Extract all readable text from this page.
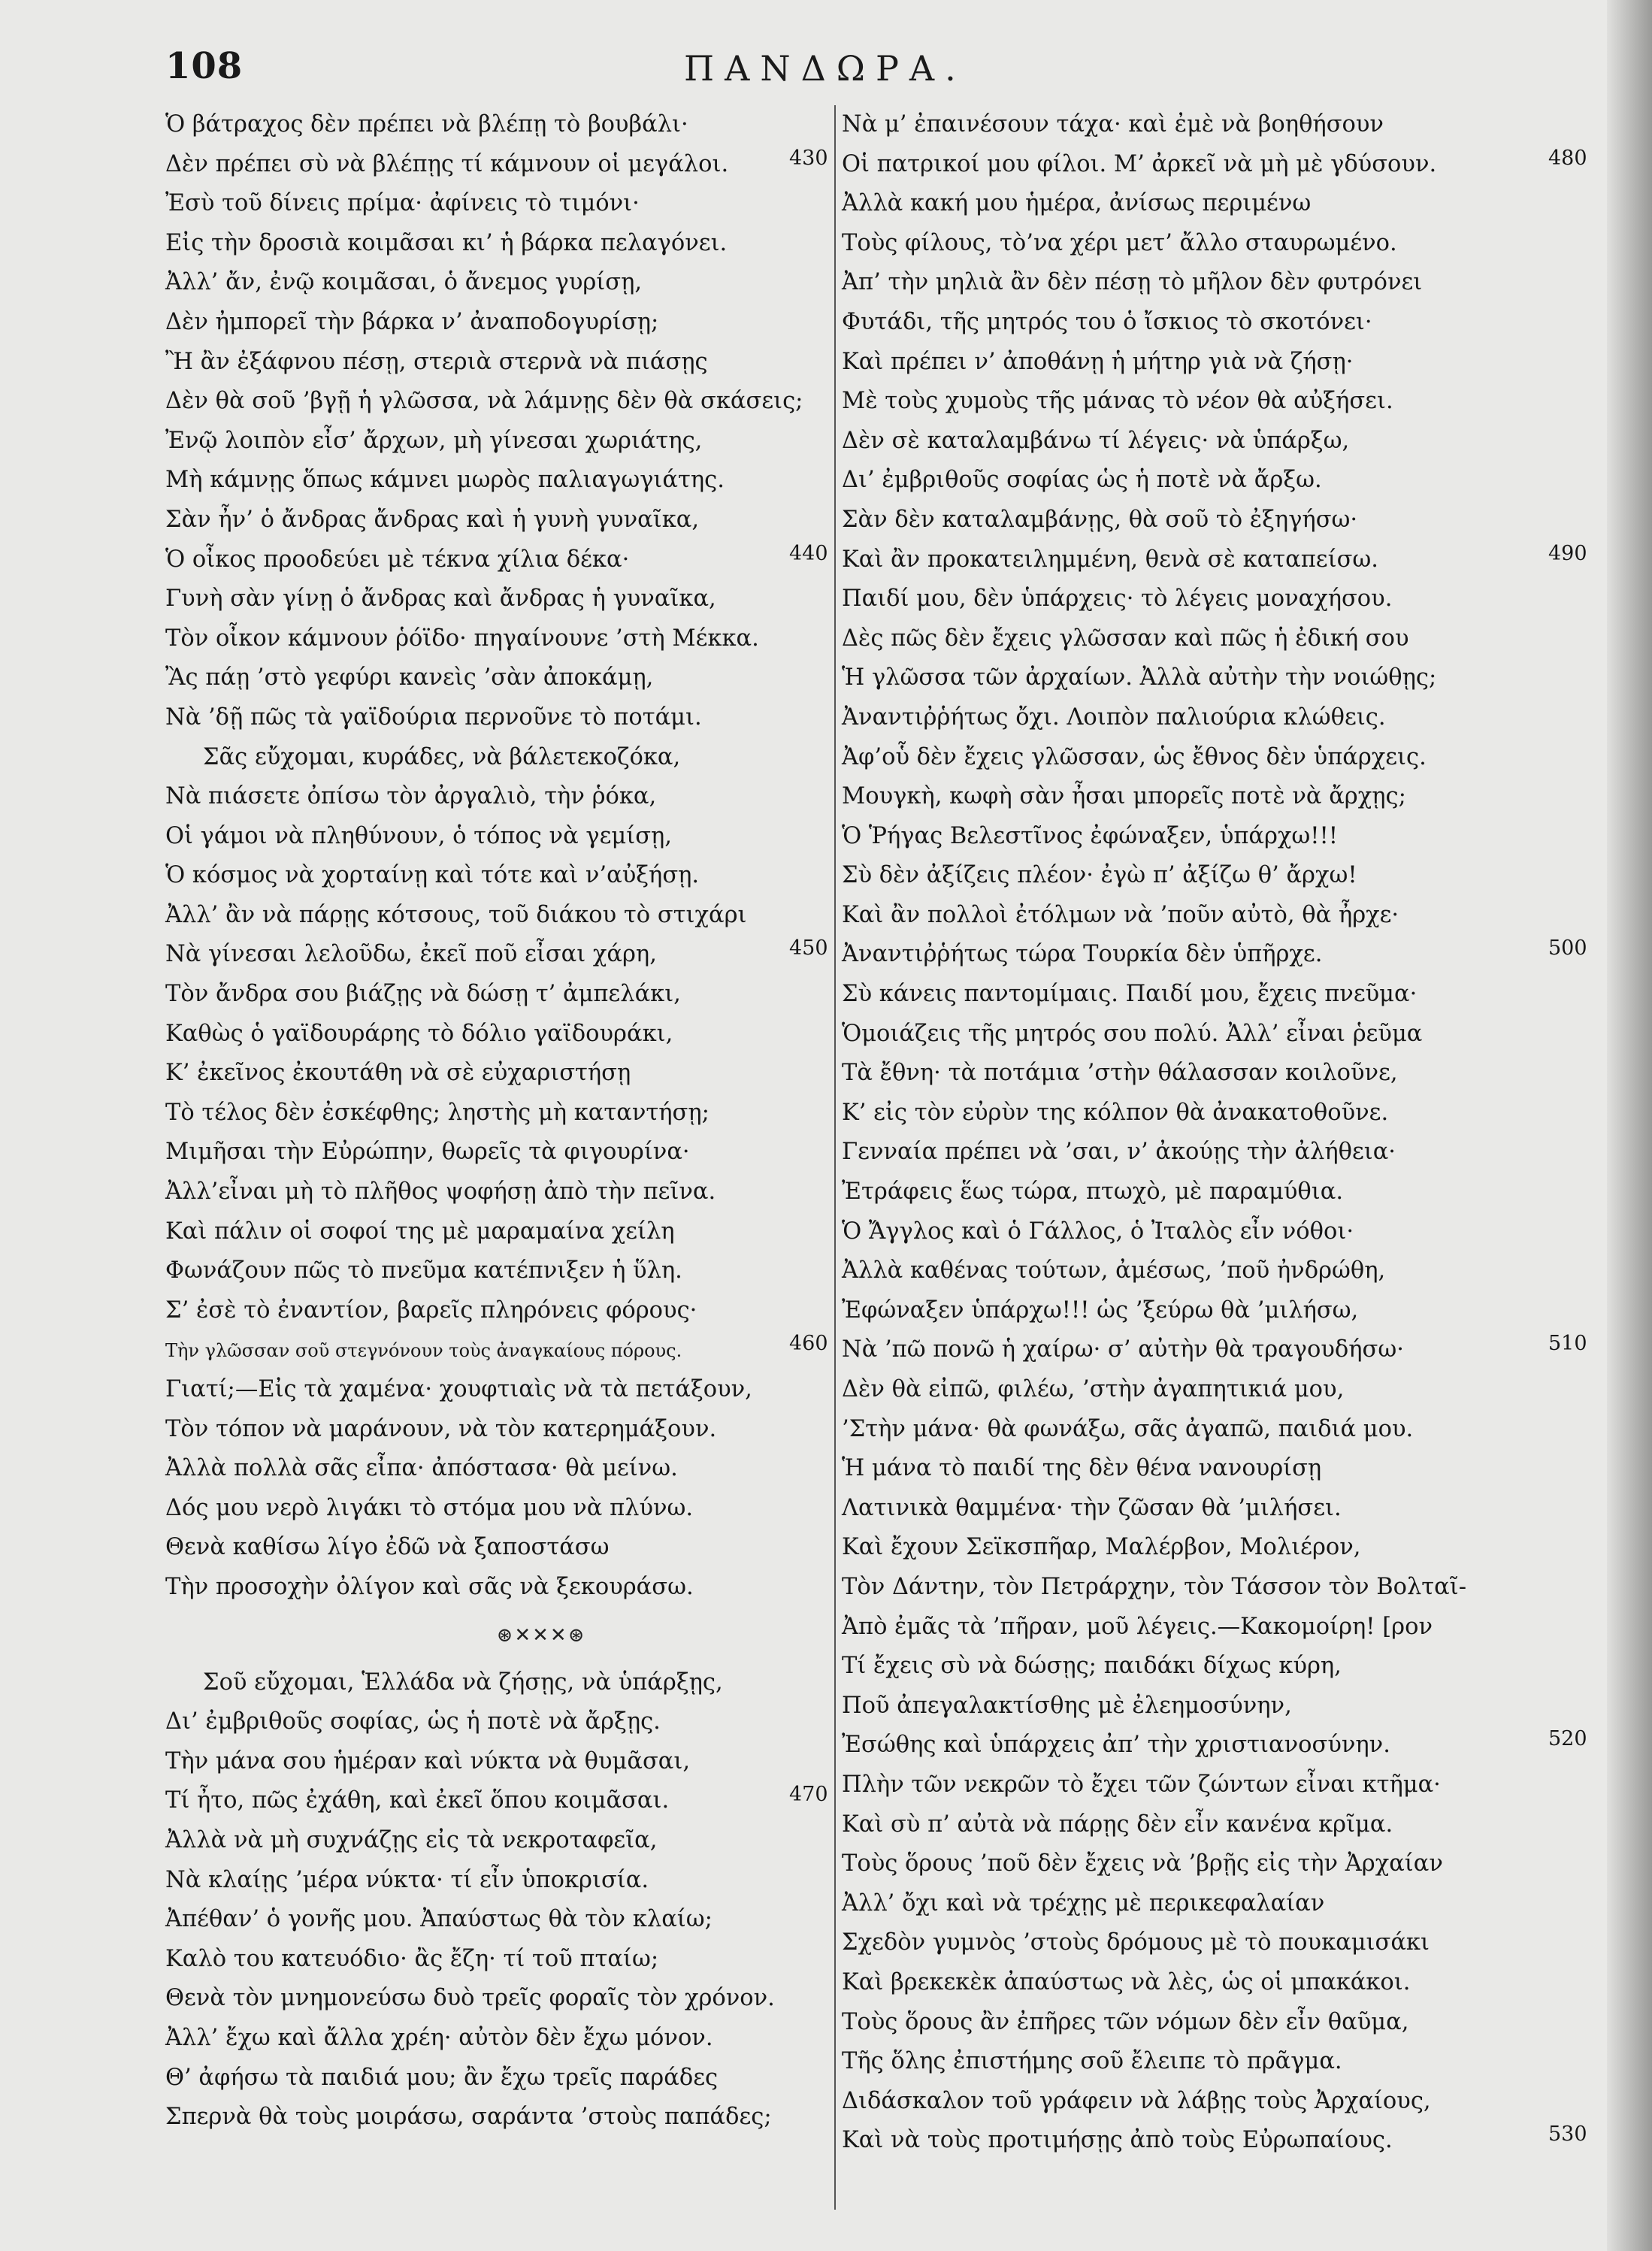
108	ΠΑΝΔΩΡΑ.
Ὁ βάτραχος δὲν πρέπει νὰ βλέπῃ τὸ βουβάλι·
Δὲν πρέπει σὺ νὰ βλέπῃς τί κάμνουν οἱ μεγάλοι.	430
Ἐσὺ τοῦ δίνεις πρίμα· ἀφίνεις τὸ τιμόνι·
Εἰς τὴν δροσιὰ κοιμᾶσαι κι’ ἡ βάρκα πελαγόνει.
Ἀλλ’ ἄν, ἐνῷ κοιμᾶσαι, ὁ ἄνεμος γυρίσῃ,
Δὲν ἠμπορεῖ τὴν βάρκα ν’ ἀναποδογυρίσῃ;
Ἢ ἂν ἐξάφνου πέσῃ, στεριὰ στερνὰ νὰ πιάσῃς
Δὲν θὰ σοῦ ’βγῇ ἡ γλῶσσα, νὰ λάμνῃς δὲν θὰ σκάσεις;
Ἐνῷ λοιπὸν εἶσ’ ἄρχων, μὴ γίνεσαι χωριάτης,
Μὴ κάμνῃς ὅπως κάμνει μωρὸς παλιαγωγιάτης.
Σὰν ἦν’ ὁ ἄνδρας ἄνδρας καὶ ἡ γυνὴ γυναῖκα,
Ὁ οἶκος προοδεύει μὲ τέκνα χίλια δέκα·	440
Γυνὴ σὰν γίνῃ ὁ ἄνδρας καὶ ἄνδρας ἡ γυναῖκα,
Τὸν οἶκον κάμνουν ῥόϊδο· πηγαίνουνε ’στὴ Μέκκα.
Ἂς πάῃ ’στὸ γεφύρι κανεὶς ’σὰν ἀποκάμῃ,
Νὰ ’δῇ πῶς τὰ γαϊδούρια περνοῦνε τὸ ποτάμι.
Σᾶς εὔχομαι, κυράδες, νὰ βάλετεκοζόκα,
Νὰ πιάσετε ὀπίσω τὸν ἀργαλιὸ, τὴν ῥόκα,
Οἱ γάμοι νὰ πληθύνουν, ὁ τόπος νὰ γεμίσῃ,
Ὁ κόσμος νὰ χορταίνῃ καὶ τότε καὶ ν’αὐξήσῃ.
Ἀλλ’ ἂν νὰ πάρῃς κότσους, τοῦ διάκου τὸ στιχάρι
Νὰ γίνεσαι λελοῦδω, ἐκεῖ ποῦ εἶσαι χάρη,	450
Τὸν ἄνδρα σου βιάζῃς νὰ δώσῃ τ’ ἀμπελάκι,
Καθὼς ὁ γαϊδουράρης τὸ δόλιο γαϊδουράκι,
Κ’ ἐκεῖνος ἐκουτάθη νὰ σὲ εὐχαριστήσῃ
Τὸ τέλος δὲν ἐσκέφθης; ληστὴς μὴ καταντήσῃ;
Μιμῆσαι τὴν Εὐρώπην, θωρεῖς τὰ φιγουρίνα·
Ἀλλ’εἶναι μὴ τὸ πλῆθος ψοφήσῃ ἀπὸ τὴν πεῖνα.
Καὶ πάλιν οἱ σοφοί της μὲ μαραμαίνα χείλη
Φωνάζουν πῶς τὸ πνεῦμα κατέπνιξεν ἡ ὕλη.
Σ’ ἐσὲ τὸ ἐναντίον, βαρεῖς πληρόνεις φόρους·
Τὴν γλῶσσαν σοῦ στεγνόνουν τοὺς ἀναγκαίους πόρους.	460
Γιατί;—Εἰς τὰ χαμένα· χουφτιαὶς νὰ τὰ πετάξουν,
Τὸν τόπον νὰ μαράνουν, νὰ τὸν κατερημάξουν.
Ἀλλὰ πολλὰ σᾶς εἶπα· ἀπόστασα· θὰ μείνω.
Δός μου νερὸ λιγάκι τὸ στόμα μου νὰ πλύνω.
Θενὰ καθίσω λίγο ἐδῶ νὰ ξαποστάσω
Τὴν προσοχὴν ὀλίγον καὶ σᾶς νὰ ξεκουράσω.
⊛✕✕✕⊛
Σοῦ εὔχομαι, Ἑλλάδα νὰ ζήσῃς, νὰ ὑπάρξῃς,
Δι’ ἐμβριθοῦς σοφίας, ὡς ἡ ποτὲ νὰ ἄρξῃς.
Τὴν μάνα σου ἡμέραν καὶ νύκτα νὰ θυμᾶσαι,
Τί ἦτο, πῶς ἐχάθη, καὶ ἐκεῖ ὅπου κοιμᾶσαι.	470
Ἀλλὰ νὰ μὴ συχνάζῃς εἰς τὰ νεκροταφεῖα,
Νὰ κλαίῃς ’μέρα νύκτα· τί εἶν ὑποκρισία.
Ἀπέθαν’ ὁ γονῆς μου. Ἀπαύστως θὰ τὸν κλαίω;
Καλὸ του κατευόδιο· ἂς ἔζη· τί τοῦ πταίω;
Θενὰ τὸν μνημονεύσω δυὸ τρεῖς φοραῖς τὸν χρόνον.
Ἀλλ’ ἔχω καὶ ἄλλα χρέη· αὐτὸν δὲν ἔχω μόνον.
Θ’ ἀφήσω τὰ παιδιά μου; ἂν ἔχω τρεῖς παράδες
Σπερνὰ θὰ τοὺς μοιράσω, σαράντα ’στοὺς παπάδες;
Νὰ μ’ ἐπαινέσουν τάχα· καὶ ἐμὲ νὰ βοηθήσουν
Οἱ πατρικοί μου φίλοι. Μ’ ἀρκεῖ νὰ μὴ μὲ γδύσουν.	480
Ἀλλὰ κακή μου ἡμέρα, ἀνίσως περιμένω
Τοὺς φίλους, τὸ’να χέρι μετ’ ἄλλο σταυρωμένο.
Ἀπ’ τὴν μηλιὰ ἂν δὲν πέσῃ τὸ μῆλον δὲν φυτρόνει
Φυτάδι, τῆς μητρός του ὁ ἴσκιος τὸ σκοτόνει·
Καὶ πρέπει ν’ ἀποθάνῃ ἡ μήτηρ γιὰ νὰ ζήσῃ·
Μὲ τοὺς χυμοὺς τῆς μάνας τὸ νέον θὰ αὐξήσει.
Δὲν σὲ καταλαμβάνω τί λέγεις· νὰ ὑπάρξω,
Δι’ ἐμβριθοῦς σοφίας ὡς ἡ ποτὲ νὰ ἄρξω.
Σὰν δὲν καταλαμβάνῃς, θὰ σοῦ τὸ ἐξηγήσω·
Καὶ ἂν προκατειλημμένη, θενὰ σὲ καταπείσω.	490
Παιδί μου, δὲν ὑπάρχεις· τὸ λέγεις μοναχήσου.
Δὲς πῶς δὲν ἔχεις γλῶσσαν καὶ πῶς ἡ ἐδική σου
Ἡ γλῶσσα τῶν ἀρχαίων. Ἀλλὰ αὐτὴν τὴν νοιώθῃς;
Ἀναντιῤῥήτως ὄχι. Λοιπὸν παλιούρια κλώθεις.
Ἀφ’οὗ δὲν ἔχεις γλῶσσαν, ὡς ἔθνος δὲν ὑπάρχεις.
Μουγκὴ, κωφὴ σὰν ἦσαι μπορεῖς ποτὲ νὰ ἄρχῃς;
Ὁ Ῥήγας Βελεστῖνος ἐφώναξεν, ὑπάρχω!!!
Σὺ δὲν ἀξίζεις πλέον· ἐγὼ π’ ἀξίζω θ’ ἄρχω!
Καὶ ἂν πολλοὶ ἐτόλμων νὰ ’ποῦν αὐτὸ, θὰ ἦρχε·
Ἀναντιῤῥήτως τώρα Τουρκία δὲν ὑπῆρχε.	500
Σὺ κάνεις παντομίμαις. Παιδί μου, ἔχεις πνεῦμα·
Ὁμοιάζεις τῆς μητρός σου πολύ. Ἀλλ’ εἶναι ῥεῦμα
Τὰ ἔθνη· τὰ ποτάμια ’στὴν θάλασσαν κοιλοῦνε,
Κ’ εἰς τὸν εὐρὺν της κόλπον θὰ ἀνακατοθοῦνε.
Γενναία πρέπει νὰ ’σαι, ν’ ἀκούῃς τὴν ἀλήθεια·
Ἐτράφεις ἕως τώρα, πτωχὸ, μὲ παραμύθια.
Ὁ Ἄγγλος καὶ ὁ Γάλλος, ὁ Ἰταλὸς εἶν νόθοι·
Ἀλλὰ καθένας τούτων, ἀμέσως, ’ποῦ ἠνδρώθη,
Ἐφώναξεν ὑπάρχω!!! ὡς ’ξεύρω θὰ ’μιλήσω,
Νὰ ’πῶ πονῶ ἡ χαίρω· σ’ αὐτὴν θὰ τραγουδήσω·	510
Δὲν θὰ εἰπῶ, φιλέω, ’στὴν ἀγαπητικιά μου,
’Στὴν μάνα· θὰ φωνάξω, σᾶς ἀγαπῶ, παιδιά μου.
Ἡ μάνα τὸ παιδί της δὲν θένα νανουρίσῃ
Λατινικὰ θαμμένα· τὴν ζῶσαν θὰ ’μιλήσει.
Καὶ ἔχουν Σεϊκσπῆαρ, Μαλέρβον, Μολιέρον,
Τὸν Δάντην, τὸν Πετράρχην, τὸν Τάσσον τὸν Βολταῖ-
Ἀπὸ ἐμᾶς τὰ ’πῆραν, μοῦ λέγεις.—Κακομοίρη! [ρον
Τί ἔχεις σὺ νὰ δώσῃς; παιδάκι δίχως κύρη,
Ποῦ ἀπεγαλακτίσθης μὲ ἐλεημοσύνην,
Ἐσώθης καὶ ὑπάρχεις ἀπ’ τὴν χριστιανοσύνην.	520
Πλὴν τῶν νεκρῶν τὸ ἔχει τῶν ζώντων εἶναι κτῆμα·
Καὶ σὺ π’ αὐτὰ νὰ πάρῃς δὲν εἶν κανένα κρῖμα.
Τοὺς ὅρους ’ποῦ δὲν ἔχεις νὰ ’βρῇς εἰς τὴν Ἀρχαίαν
Ἀλλ’ ὄχι καὶ νὰ τρέχῃς μὲ περικεφαλαίαν
Σχεδὸν γυμνὸς ’στοὺς δρόμους μὲ τὸ πουκαμισάκι
Καὶ βρεκεκὲκ ἀπαύστως νὰ λὲς, ὡς οἱ μπακάκοι.
Τοὺς ὅρους ἂν ἐπῆρες τῶν νόμων δὲν εἶν θαῦμα,
Τῆς ὅλης ἐπιστήμης σοῦ ἔλειπε τὸ πρᾶγμα.
Διδάσκαλον τοῦ γράφειν νὰ λάβῃς τοὺς Ἀρχαίους,
Καὶ νὰ τοὺς προτιμήσῃς ἀπὸ τοὺς Εὐρωπαίους.	530
